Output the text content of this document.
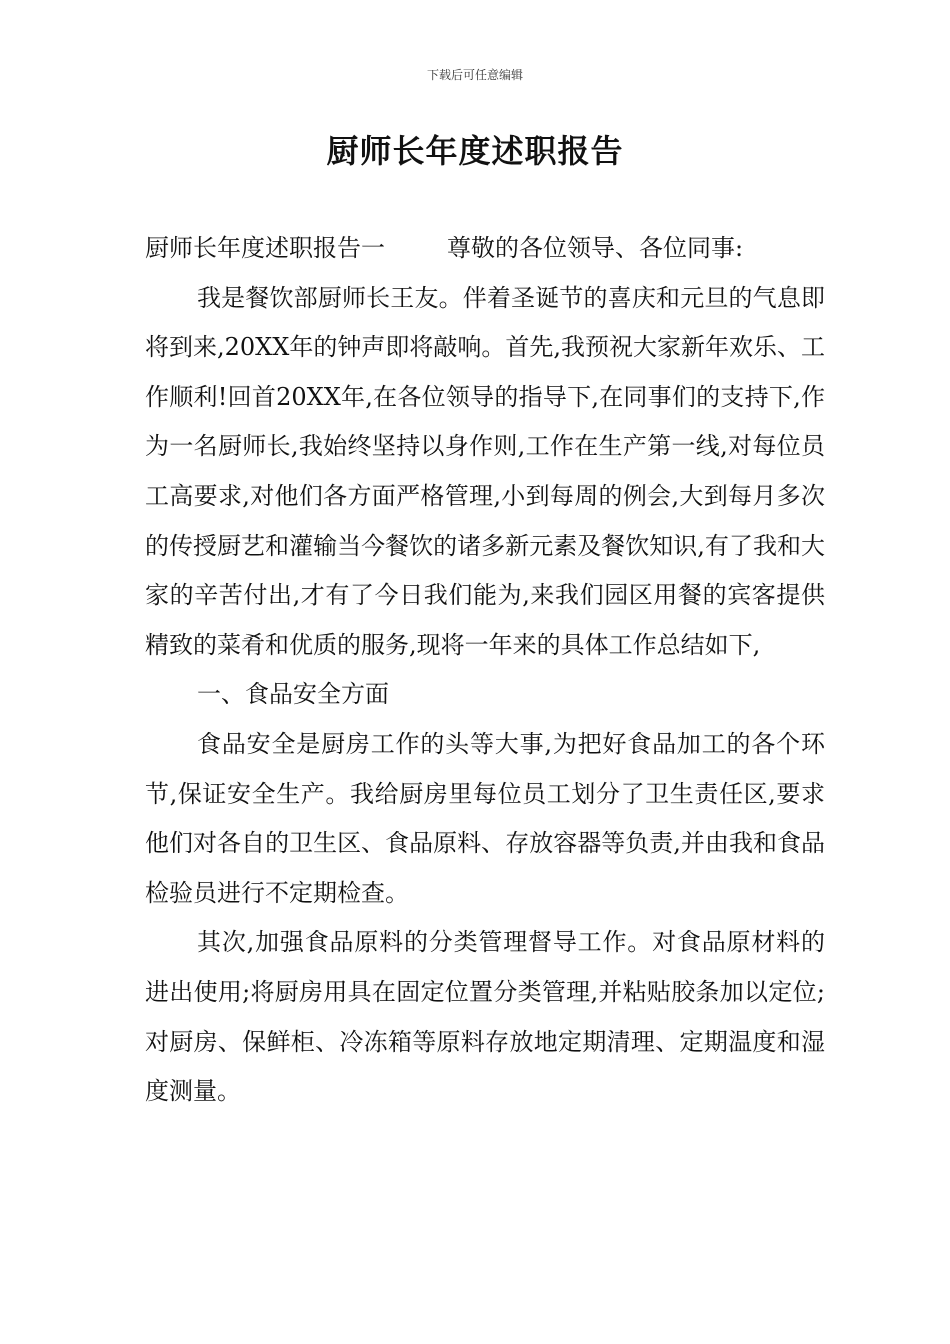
下载后可任意编辑
厨师长年度述职报告

厨师长年度述职报告一	尊敬的各位领导、各位同事:

我是餐饮部厨师长王友。伴着圣诞节的喜庆和元旦的气息即将到来,20XX年的钟声即将敲响。首先,我预祝大家新年欢乐、工作顺利!回首20XX年,在各位领导的指导下,在同事们的支持下,作为一名厨师长,我始终坚持以身作则,工作在生产第一线,对每位员工高要求,对他们各方面严格管理,小到每周的例会,大到每月多次的传授厨艺和灌输当今餐饮的诸多新元素及餐饮知识,有了我和大家的辛苦付出,才有了今日我们能为,来我们园区用餐的宾客提供精致的菜肴和优质的服务,现将一年来的具体工作总结如下,

一、食品安全方面

食品安全是厨房工作的头等大事,为把好食品加工的各个环节,保证安全生产。我给厨房里每位员工划分了卫生责任区,要求他们对各自的卫生区、食品原料、存放容器等负责,并由我和食品检验员进行不定期检查。

其次,加强食品原料的分类管理督导工作。对食品原材料的进出使用;将厨房用具在固定位置分类管理,并粘贴胶条加以定位;对厨房、保鲜柜、冷冻箱等原料存放地定期清理、定期温度和湿度测量。
